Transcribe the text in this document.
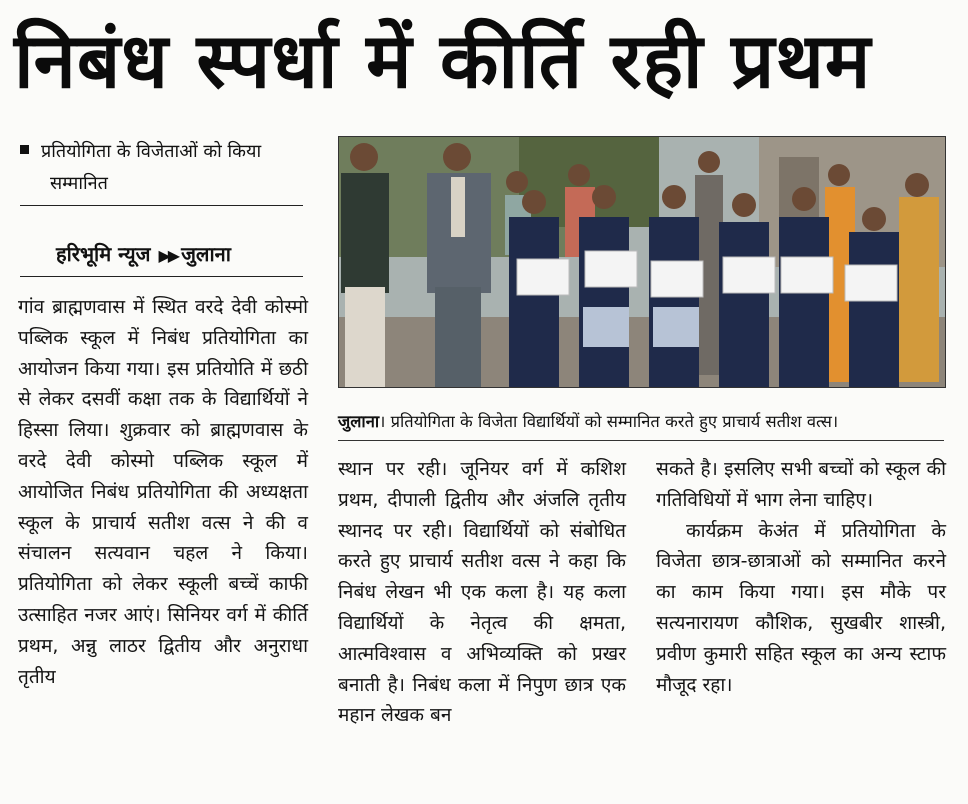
निबंध स्पर्धा में कीर्ति रही प्रथम
प्रतियोगिता के विजेताओं को किया
सम्मानित
हरिभूमि न्यूज ▶▶ जुलाना

गांव ब्राह्मणवास में स्थित वरदे देवी कोस्मो पब्लिक स्कूल में निबंध प्रतियोगिता का आयोजन किया गया। इस प्रतियोति में छठी से लेकर दसवीं कक्षा तक के विद्यार्थियों ने हिस्सा लिया। शुक्रवार को ब्राह्मणवास के वरदे देवी कोस्मो पब्लिक स्कूल में आयोजित निबंध प्रतियोगिता की अध्यक्षता स्कूल के प्राचार्य सतीश वत्स ने की व संचालन सत्यवान चहल ने किया। प्रतियोगिता को लेकर स्कूली बच्चें काफी उत्साहित नजर आएं। सिनियर वर्ग में कीर्ति प्रथम, अन्नु लाठर द्वितीय और अनुराधा तृतीय

जुलाना। प्रतियोगिता के विजेता विद्यार्थियों को सम्मानित करते हुए प्राचार्य सतीश वत्स।

स्थान पर रही। जूनियर वर्ग में कशिश प्रथम, दीपाली द्वितीय और अंजलि तृतीय स्थानद पर रही। विद्यार्थियों को संबोधित करते हुए प्राचार्य सतीश वत्स ने कहा कि निबंध लेखन भी एक कला है। यह कला विद्यार्थियों के नेतृत्व की क्षमता, आत्मविश्वास व अभिव्यक्ति को प्रखर बनाती है। निबंध कला में निपुण छात्र एक महान लेखक बन

सकते है। इसलिए सभी बच्चों को स्कूल की गतिविधियों में भाग लेना चाहिए।

कार्यक्रम केअंत में प्रतियोगिता के विजेता छात्र-छात्राओं को सम्मानित करने का काम किया गया। इस मौके पर सत्यनारायण कौशिक, सुखबीर शास्त्री, प्रवीण कुमारी सहित स्कूल का अन्य स्टाफ मौजूद रहा।
